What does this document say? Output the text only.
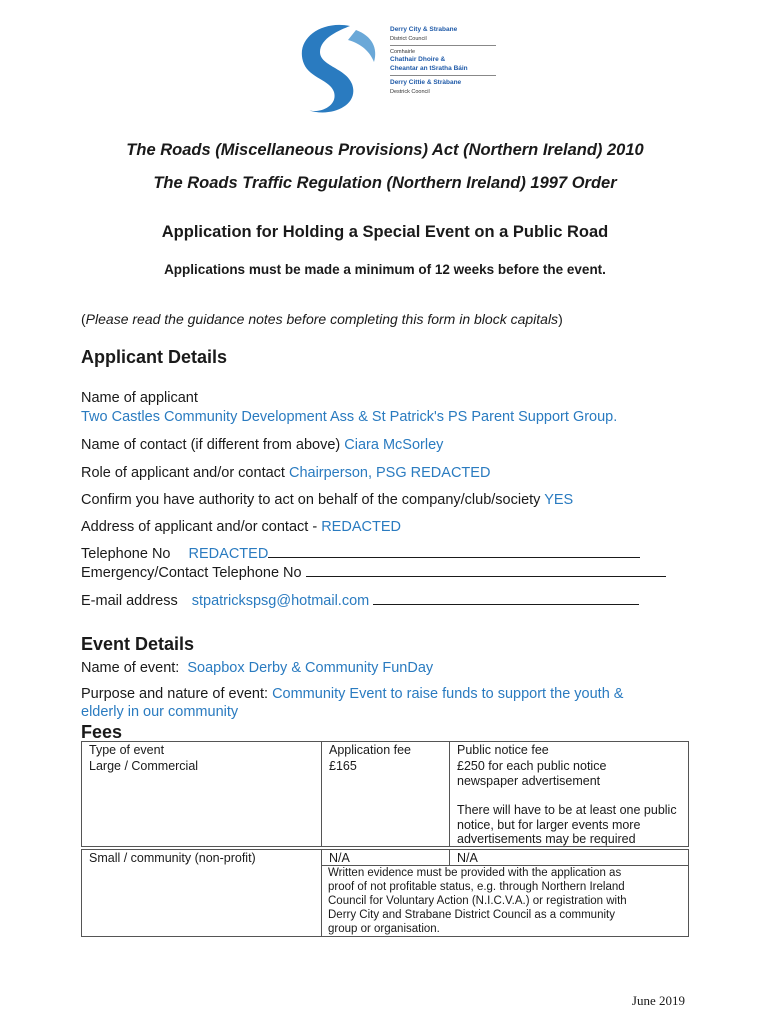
Derry City & Strabane
District Council
Comhairle
Chathair Dhoire &
Cheantar an tSratha Báin
Derry Cittie & Stràbane
Destrick Cooncil
The Roads (Miscellaneous Provisions) Act (Northern Ireland) 2010
The Roads Traffic Regulation (Northern Ireland) 1997 Order
Application for Holding a Special Event on a Public Road
Applications must be made a minimum of 12 weeks before the event.
(Please read the guidance notes before completing this form in block capitals)
Applicant Details
Name of applicant
Two Castles Community Development Ass & St Patrick's PS Parent Support Group.
Name of contact (if different from above) Ciara McSorley
Role of applicant and/or contact Chairperson, PSG REDACTED
Confirm you have authority to act on behalf of the company/club/society YES
Address of applicant and/or contact - REDACTED
Telephone No REDACTED
Emergency/Contact Telephone No
E-mail address stpatrickspsg@hotmail.com
Event Details
Name of event: Soapbox Derby & Community FunDay
Purpose and nature of event: Community Event to raise funds to support the youth &
elderly in our community
Fees
Type of event	Application fee	Public notice fee
Large / Commercial	£165	£250 for each public notice
newspaper advertisement
There will have to be at least one public
notice, but for larger events more
advertisements may be required
Small / community (non-profit)	N/A	N/A
Written evidence must be provided with the application as
proof of not profitable status, e.g. through Northern Ireland
Council for Voluntary Action (N.I.C.V.A.) or registration with
Derry City and Strabane District Council as a community
group or organisation.
June 2019
